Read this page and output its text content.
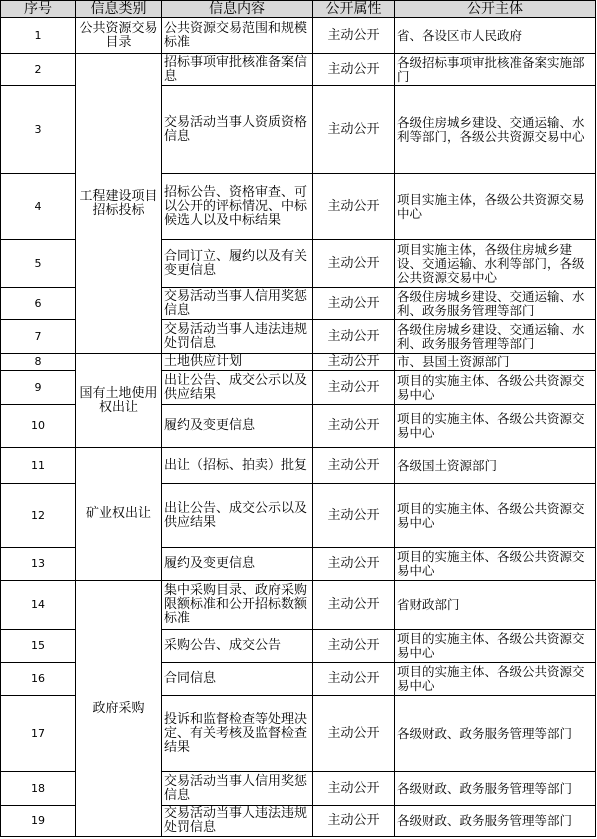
序号	信息类别	信息内容	公开属性	公开主体
1	公共资源交易目录	公共资源交易范围和规模标准	主动公开	省、各设区市人民政府
2	工程建设项目招标投标	招标事项审批核准备案信息	主动公开	各级招标事项审批核准备案实施部门
3		交易活动当事人资质资格信息	主动公开	各级住房城乡建设、交通运输、水利等部门，各级公共资源交易中心
4		招标公告、资格审查、可以公开的评标情况、中标候选人以及中标结果	主动公开	项目实施主体，各级公共资源交易中心
5		合同订立、履约以及有关变更信息	主动公开	项目实施主体，各级住房城乡建设、交通运输、水利等部门，各级公共资源交易中心
6		交易活动当事人信用奖惩信息	主动公开	各级住房城乡建设、交通运输、水利、政务服务管理等部门
7		交易活动当事人违法违规处罚信息	主动公开	各级住房城乡建设、交通运输、水利、政务服务管理等部门
8	国有土地使用权出让	土地供应计划	主动公开	市、县国土资源部门
9		出让公告、成交公示以及供应结果	主动公开	项目的实施主体、各级公共资源交易中心
10		履约及变更信息	主动公开	项目的实施主体、各级公共资源交易中心
11	矿业权出让	出让（招标、拍卖）批复	主动公开	各级国土资源部门
12		出让公告、成交公示以及供应结果	主动公开	项目的实施主体、各级公共资源交易中心
13		履约及变更信息	主动公开	项目的实施主体、各级公共资源交易中心
14	政府采购	集中采购目录、政府采购限额标准和公开招标数额标准	主动公开	省财政部门
15		采购公告、成交公告	主动公开	项目的实施主体、各级公共资源交易中心
16		合同信息	主动公开	项目的实施主体、各级公共资源交易中心
17		投诉和监督检查等处理决定、有关考核及监督检查结果	主动公开	各级财政、政务服务管理等部门
18		交易活动当事人信用奖惩信息	主动公开	各级财政、政务服务管理等部门
19		交易活动当事人违法违规处罚信息	主动公开	各级财政、政务服务管理等部门
